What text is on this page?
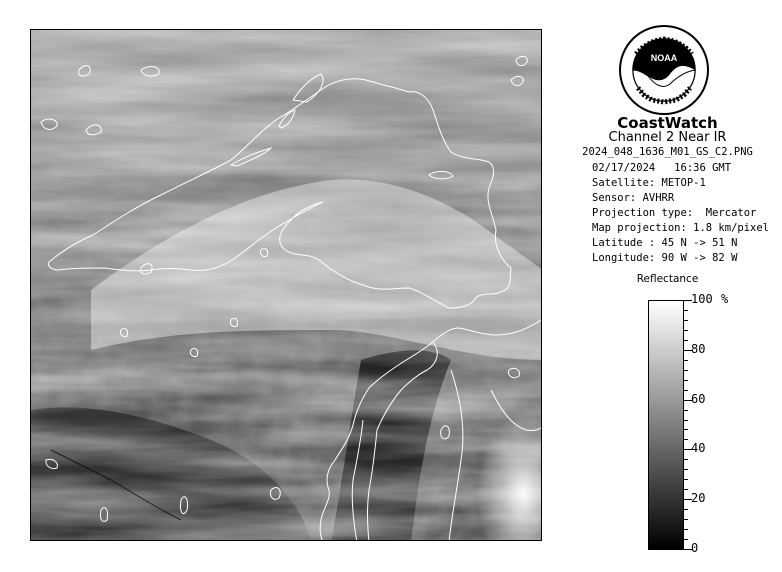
NOAA
CoastWatch
Channel 2 Near IR
2024_048_1636_M01_GS_C2.PNG
02/17/2024   16:36 GMT
Satellite: METOP-1
Sensor: AVHRR
Projection type:  Mercator
Map projection: 1.8 km/pixel
Latitude : 45 N -> 51 N
Longitude: 90 W -> 82 W
Reflectance
100
80
60
40
20
0
%
